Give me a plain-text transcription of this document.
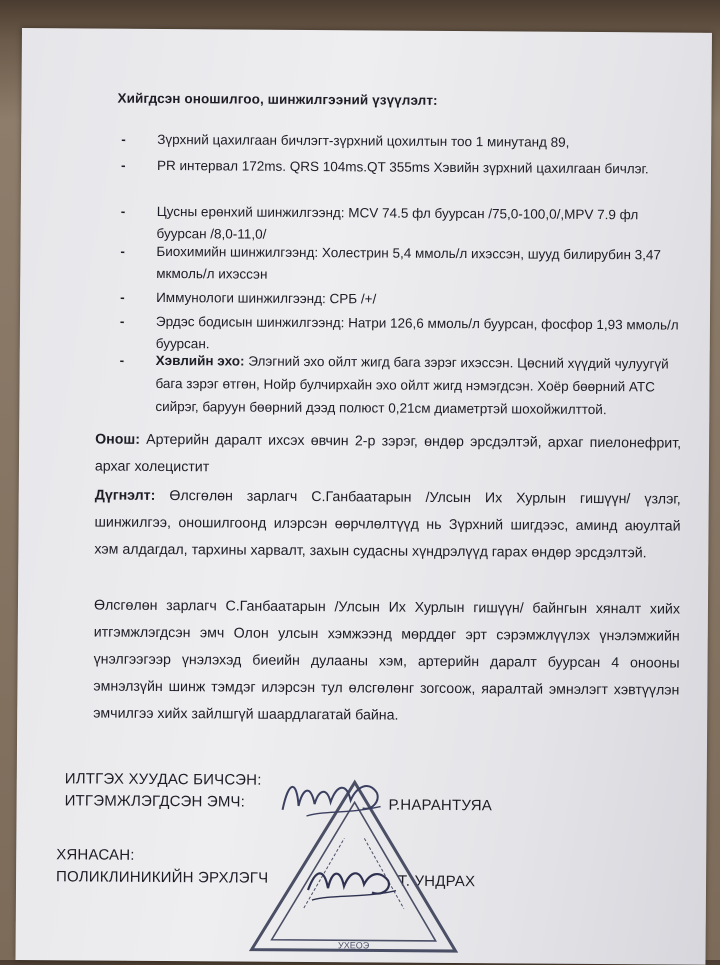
Хийгдсэн оношилгоо, шинжилгээний үзүүлэлт:
- Зүрхний цахилгаан бичлэгт-зүрхний цохилтын тоо 1 минутанд 89,
- PR интервал 172ms. QRS 104ms.QT 355ms Хэвийн зүрхний цахилгаан бичлэг.
- Цусны ерөнхий шинжилгээнд: MCV 74.5 фл буурсан /75,0-100,0/,MPV 7.9 фл буурсан /8,0-11,0/
- Биохимийн шинжилгээнд: Холестрин 5,4 ммоль/л ихэссэн, шууд билирубин 3,47 мкмоль/л ихэссэн
- Иммунологи шинжилгээнд: СРБ /+/
- Эрдэс бодисын шинжилгээнд: Натри 126,6 ммоль/л буурсан, фосфор 1,93 ммоль/л буурсан.
- Хэвлийн эхо: Элэгний эхо ойлт жигд бага зэрэг ихэссэн. Цөсний хүүдий чулуугүй бага зэрэг өтгөн, Нойр булчирхайн эхо ойлт жигд нэмэгдсэн. Хоёр бөөрний АТС сийрэг, баруун бөөрний дээд полюст 0,21см диаметртэй шохойжилттой.
Онош: Артерийн даралт ихсэх өвчин 2-р зэрэг, өндөр эрсдэлтэй, архаг пиелонефрит, архаг холецистит
Дүгнэлт: Өлсгөлөн зарлагч С.Ганбаатарын /Улсын Их Хурлын гишүүн/ үзлэг, шинжилгээ, оношилгоонд илэрсэн өөрчлөлтүүд нь Зүрхний шигдээс, аминд аюултай хэм алдагдал, тархины харвалт, захын судасны хүндрэлүүд гарах өндөр эрсдэлтэй.
Өлсгөлөн зарлагч С.Ганбаатарын /Улсын Их Хурлын гишүүн/ байнгын хяналт хийх итгэмжлэгдсэн эмч Олон улсын хэмжээнд мөрддөг эрт сэрэмжлүүлэх үнэлэмжийн үнэлгээгээр үнэлэхэд биеийн дулааны хэм, артерийн даралт буурсан 4 онооны эмнэлзүйн шинж тэмдэг илэрсэн тул өлсгөлөнг зогсоож, яаралтай эмнэлэгт хэвтүүлэн эмчилгээ хийх зайлшгүй шаардлагатай байна.
ИЛТГЭХ ХУУДАС БИЧСЭН:
ИТГЭМЖЛЭГДСЭН ЭМЧ:	Р.НАРАНТУЯА
ХЯНАСАН:
ПОЛИКЛИНИКИЙН ЭРХЛЭГЧ	Т. УНДРАХ
УХЕОЭ
